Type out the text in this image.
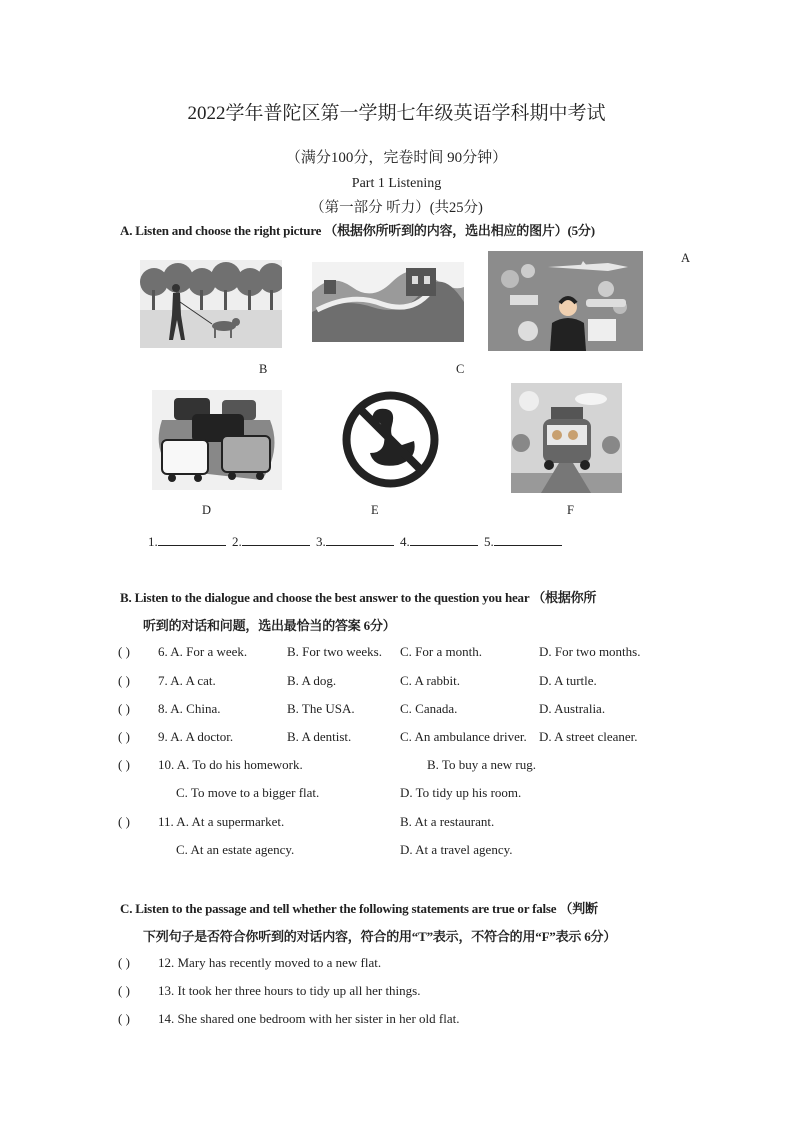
2022学年普陀区第一学期七年级英语学科期中考试
（满分100分，完卷时间 90分钟）
Part 1 Listening
（第一部分 听力）(共25分)
A. Listen and choose the right picture （根据你所听到的内容，选出相应的图片）(5分)
B	C
A
D	E	F
1.	2.	3.	4.	5.
B. Listen to the dialogue and choose the best answer to the question you hear （根据你所
听到的对话和问题，选出最恰当的答案 6分）
( ) 6. A. For a week.	B. For two weeks. C. For a month.	D. For two months.
( ) 7. A. A cat.	B. A dog.	C. A rabbit.	D. A turtle.
( ) 8. A. China.	B. The USA.	C. Canada.	D. Australia.
( ) 9. A. A doctor.	B. A dentist.	C. An ambulance driver. D. A street cleaner.
( ) 10. A. To do his homework.	B. To buy a new rug.
C. To move to a bigger flat.	D. To tidy up his room.
( ) 11. A. At a supermarket.	B. At a restaurant.
C. At an estate agency.	D. At a travel agency.
C. Listen to the passage and tell whether the following statements are true or false （判断
下列句子是否符合你听到的对话内容，符合的用“T”表示，不符合的用“F”表示 6分）
( ) 12. Mary has recently moved to a new flat.
( ) 13. It took her three hours to tidy up all her things.
( ) 14. She shared one bedroom with her sister in her old flat.
